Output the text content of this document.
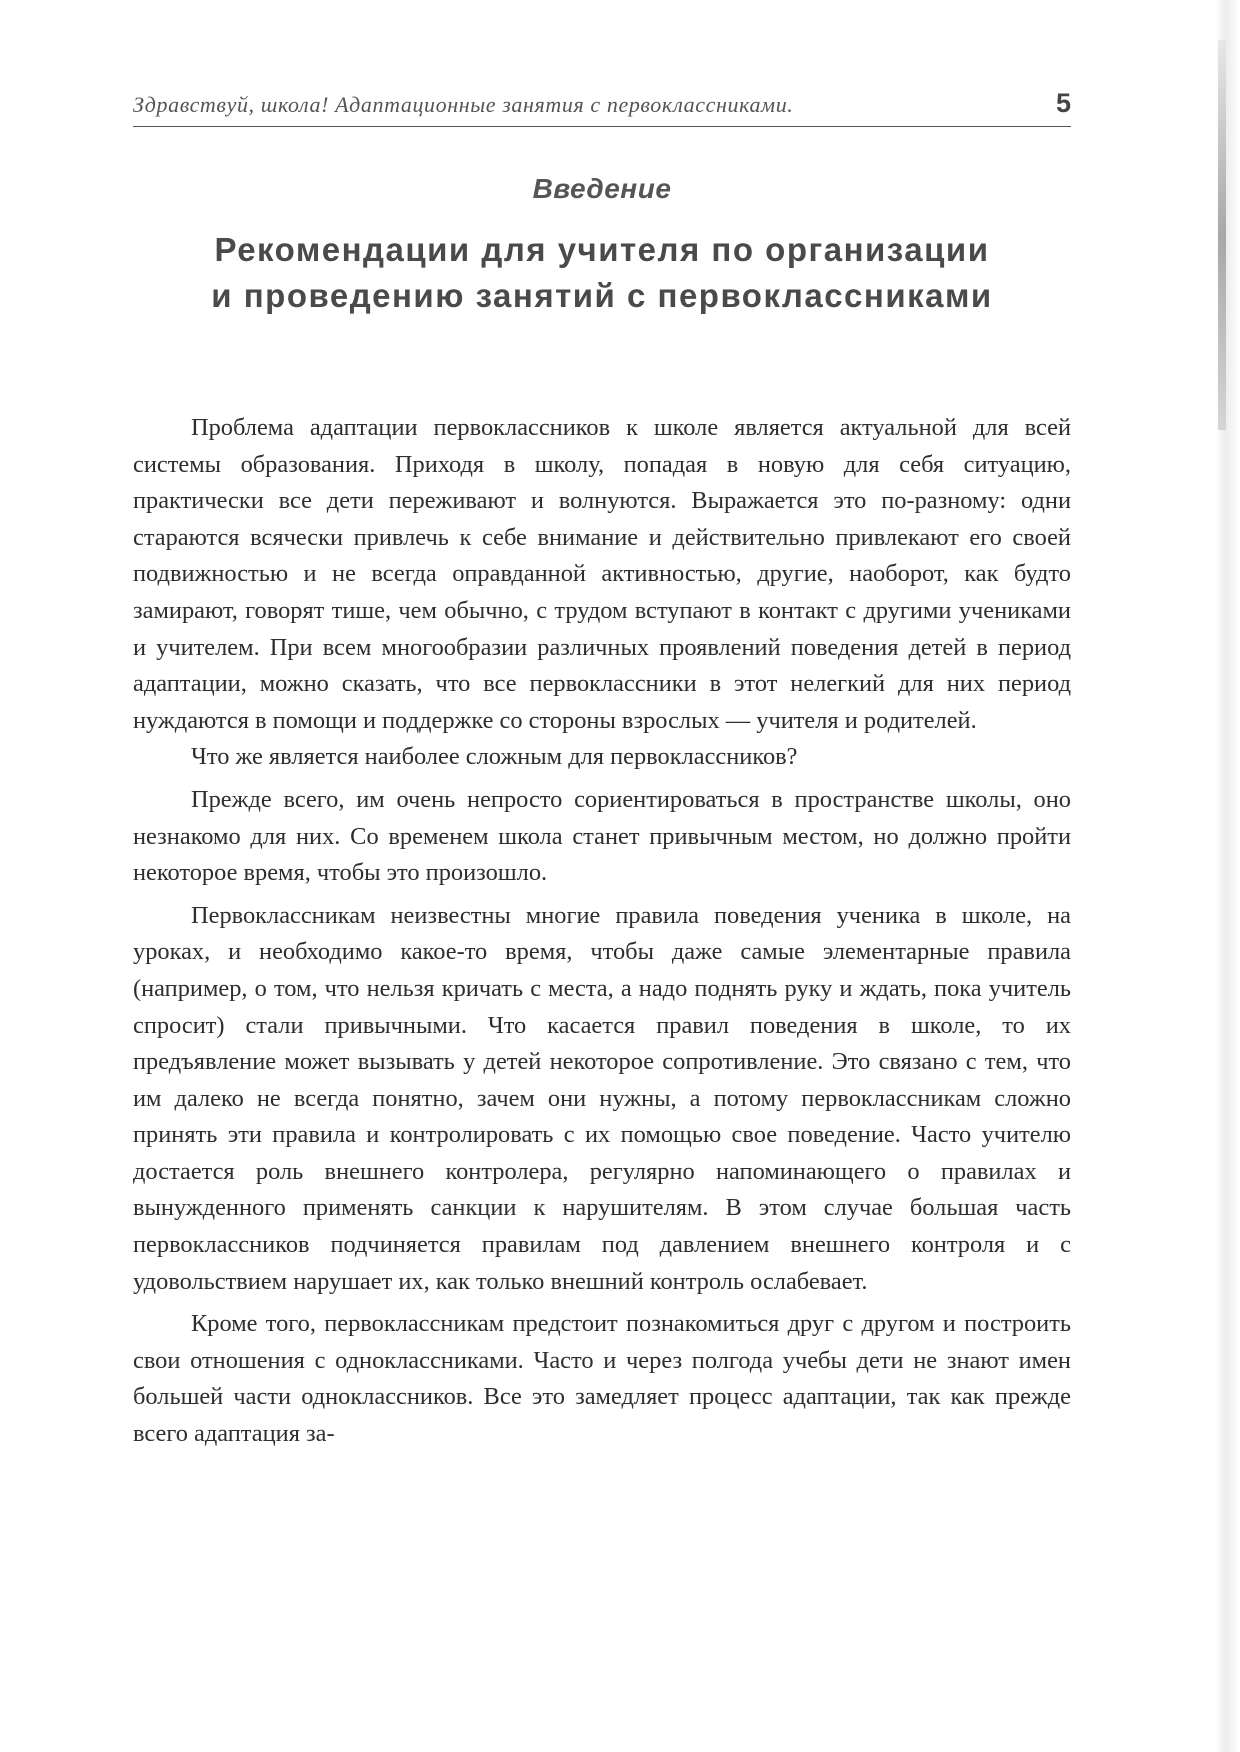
Здравствуй, школа! Адаптационные занятия с первоклассниками.	5
Введение
Рекомендации для учителя по организации
и проведению занятий с первоклассниками

Проблема адаптации первоклассников к школе является актуальной для всей системы образования. Приходя в школу, попадая в новую для себя ситуацию, практически все дети переживают и волнуются. Выражается это по-разному: одни стараются всячески привлечь к себе внимание и действительно привлекают его своей подвижностью и не всегда оправданной активностью, другие, наоборот, как будто замирают, говорят тише, чем обычно, с трудом вступают в контакт с другими учениками и учителем. При всем многообразии различных проявлений поведения детей в период адаптации, можно сказать, что все первоклассники в этот нелегкий для них период нуждаются в помощи и поддержке со стороны взрослых — учителя и родителей.

Что же является наиболее сложным для первоклассников?

Прежде всего, им очень непросто сориентироваться в пространстве школы, оно незнакомо для них. Со временем школа станет привычным местом, но должно пройти некоторое время, чтобы это произошло.

Первоклассникам неизвестны многие правила поведения ученика в школе, на уроках, и необходимо какое-то время, чтобы даже самые элементарные правила (например, о том, что нельзя кричать с места, а надо поднять руку и ждать, пока учитель спросит) стали привычными. Что касается правил поведения в школе, то их предъявление может вызывать у детей некоторое сопротивление. Это связано с тем, что им далеко не всегда понятно, зачем они нужны, а потому первоклассникам сложно принять эти правила и контролировать с их помощью свое поведение. Часто учителю достается роль внешнего контролера, регулярно напоминающего о правилах и вынужденного применять санкции к нарушителям. В этом случае большая часть первоклассников подчиняется правилам под давлением внешнего контроля и с удовольствием нарушает их, как только внешний контроль ослабевает.

Кроме того, первоклассникам предстоит познакомиться друг с другом и построить свои отношения с одноклассниками. Часто и через полгода учебы дети не знают имен большей части одноклассников. Все это замедляет процесс адаптации, так как прежде всего адаптация за-
